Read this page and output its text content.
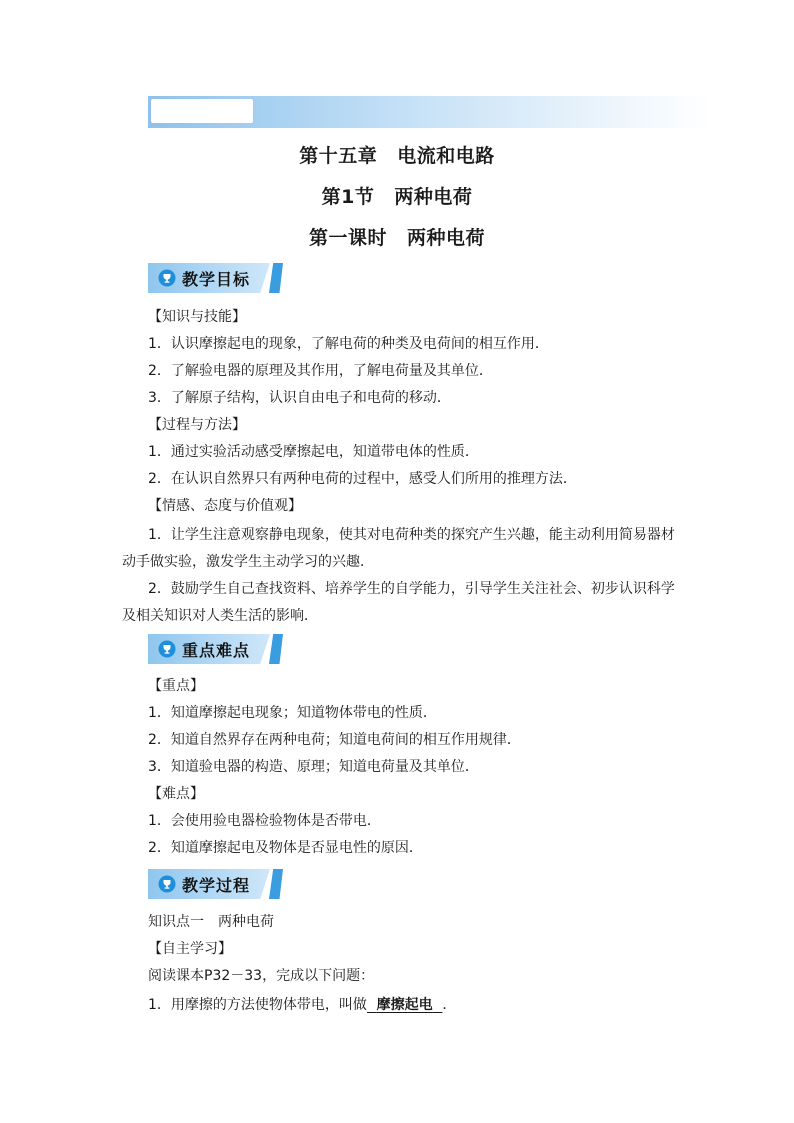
第十五章 电流和电路
第1节 两种电荷
第一课时 两种电荷
教学目标
【知识与技能】
1．认识摩擦起电的现象，了解电荷的种类及电荷间的相互作用．
2．了解验电器的原理及其作用，了解电荷量及其单位．
3．了解原子结构，认识自由电子和电荷的移动．
【过程与方法】
1．通过实验活动感受摩擦起电，知道带电体的性质．
2．在认识自然界只有两种电荷的过程中，感受人们所用的推理方法．
【情感、态度与价值观】
1．让学生注意观察静电现象，使其对电荷种类的探究产生兴趣，能主动利用简易器材
动手做实验，激发学生主动学习的兴趣．
2．鼓励学生自己查找资料、培养学生的自学能力，引导学生关注社会、初步认识科学
及相关知识对人类生活的影响．
重点难点
【重点】
1．知道摩擦起电现象；知道物体带电的性质．
2．知道自然界存在两种电荷；知道电荷间的相互作用规律．
3．知道验电器的构造、原理；知道电荷量及其单位．
【难点】
1．会使用验电器检验物体是否带电．
2．知道摩擦起电及物体是否显电性的原因．
教学过程
知识点一　两种电荷
【自主学习】
阅读课本P32－33，完成以下问题：
1．用摩擦的方法使物体带电，叫做 摩擦起电 ．
